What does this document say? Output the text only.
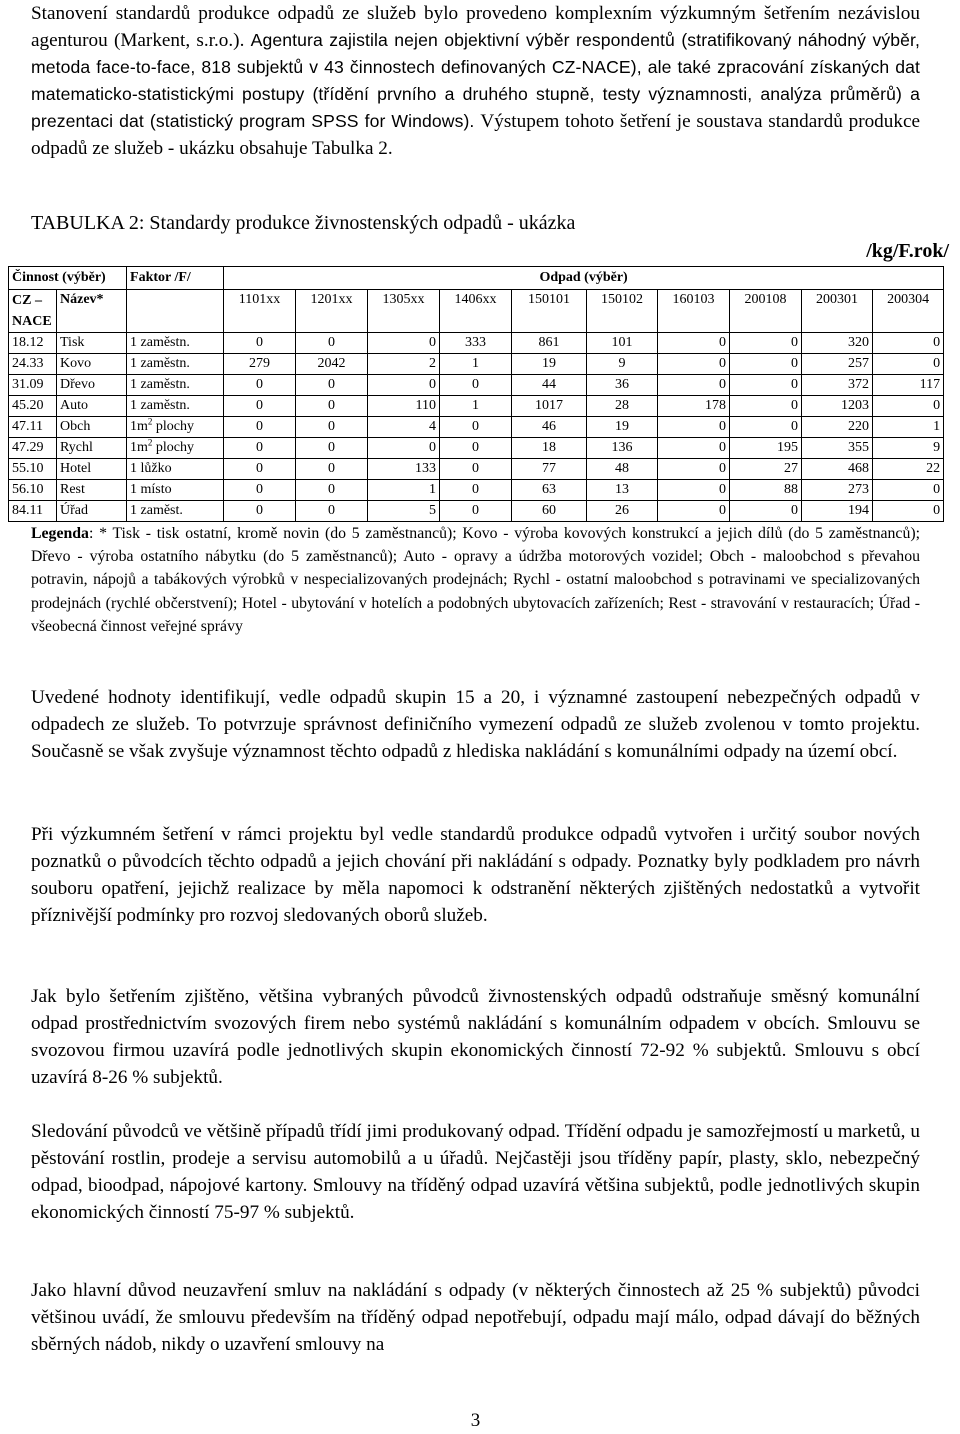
Stanovení standardů produkce odpadů ze služeb bylo provedeno komplexním výzkumným šetřením nezávislou agenturou (Markent, s.r.o.). Agentura zajistila nejen objektivní výběr respondentů (stratifikovaný náhodný výběr, metoda face-to-face, 818 subjektů v 43 činnostech definovaných CZ-NACE), ale také zpracování získaných dat matematicko-statistickými postupy (třídění prvního a druhého stupně, testy významnosti, analýza průměrů) a prezentaci dat (statistický program SPSS for Windows). Výstupem tohoto šetření je soustava standardů produkce odpadů ze služeb - ukázku obsahuje Tabulka 2.

TABULKA 2: Standardy produkce živnostenských odpadů - ukázka
/kg/F.rok/
Činnost (výběr)		Faktor /F/	Odpad (výběr)									
CZ –	Název*		1101xx	1201xx	1305xx	1406xx	150101	150102	160103	200108	200301	200304
NACE												
18.12	Tisk	1 zaměstn.	0	0	0	333	861	101	0	0	320	0
24.33	Kovo	1 zaměstn.	279	2042	2	1	19	9	0	0	257	0
31.09	Dřevo	1 zaměstn.	0	0	0	0	44	36	0	0	372	117
45.20	Auto	1 zaměstn.	0	0	110	1	1017	28	178	0	1203	0
47.11	Obch	$1m^2$ plochy	0	0	4	0	46	19	0	0	220	1
47.29	Rychl	$1m^2$ plochy	0	0	0	0	18	136	0	195	355	9
55.10	Hotel	1 lůžko	0	0	133	0	77	48	0	27	468	22
56.10	Rest	1 místo	0	0	1	0	63	13	0	88	273	0
84.11	Úřad	1 zaměst.	0	0	5	0	60	26	0	0	194	0

Legenda: * Tisk - tisk ostatní, kromě novin (do 5 zaměstnanců); Kovo - výroba kovových konstrukcí a jejich dílů (do 5 zaměstnanců); Dřevo - výroba ostatního nábytku (do 5 zaměstnanců); Auto - opravy a údržba motorových vozidel; Obch - maloobchod s převahou potravin, nápojů a tabákových výrobků v nespecializovaných prodejnách; Rychl - ostatní maloobchod s potravinami ve specializovaných prodejnách (rychlé občerstvení); Hotel - ubytování v hotelích a podobných ubytovacích zařízeních; Rest - stravování v restauracích; Úřad - všeobecná činnost veřejné správy

Uvedené hodnoty identifikují, vedle odpadů skupin 15 a 20, i významné zastoupení nebezpečných odpadů v odpadech ze služeb. To potvrzuje správnost definičního vymezení odpadů ze služeb zvolenou v tomto projektu. Současně se však zvyšuje významnost těchto odpadů z hlediska nakládání s komunálními odpady na území obcí.

Při výzkumném šetření v rámci projektu byl vedle standardů produkce odpadů vytvořen i určitý soubor nových poznatků o původcích těchto odpadů a jejich chování při nakládání s odpady. Poznatky byly podkladem pro návrh souboru opatření, jejichž realizace by měla napomoci k odstranění některých zjištěných nedostatků a vytvořit příznivější podmínky pro rozvoj sledovaných oborů služeb.

Jak bylo šetřením zjištěno, většina vybraných původců živnostenských odpadů odstraňuje směsný komunální odpad prostřednictvím svozových firem nebo systémů nakládání s komunálním odpadem v obcích. Smlouvu se svozovou firmou uzavírá podle jednotlivých skupin ekonomických činností 72-92 % subjektů. Smlouvu s obcí uzavírá 8-26 % subjektů.

Sledování původců ve většině případů třídí jimi produkovaný odpad. Třídění odpadu je samozřejmostí u marketů, u pěstování rostlin, prodeje a servisu automobilů a u úřadů. Nejčastěji jsou tříděny papír, plasty, sklo, nebezpečný odpad, bioodpad, nápojové kartony. Smlouvy na tříděný odpad uzavírá většina subjektů, podle jednotlivých skupin ekonomických činností 75-97 % subjektů.

Jako hlavní důvod neuzavření smluv na nakládání s odpady (v některých činnostech až 25 % subjektů) původci většinou uvádí, že smlouvu především na tříděný odpad nepotřebují, odpadu mají málo, odpad dávají do běžných sběrných nádob, nikdy o uzavření smlouvy na

3
